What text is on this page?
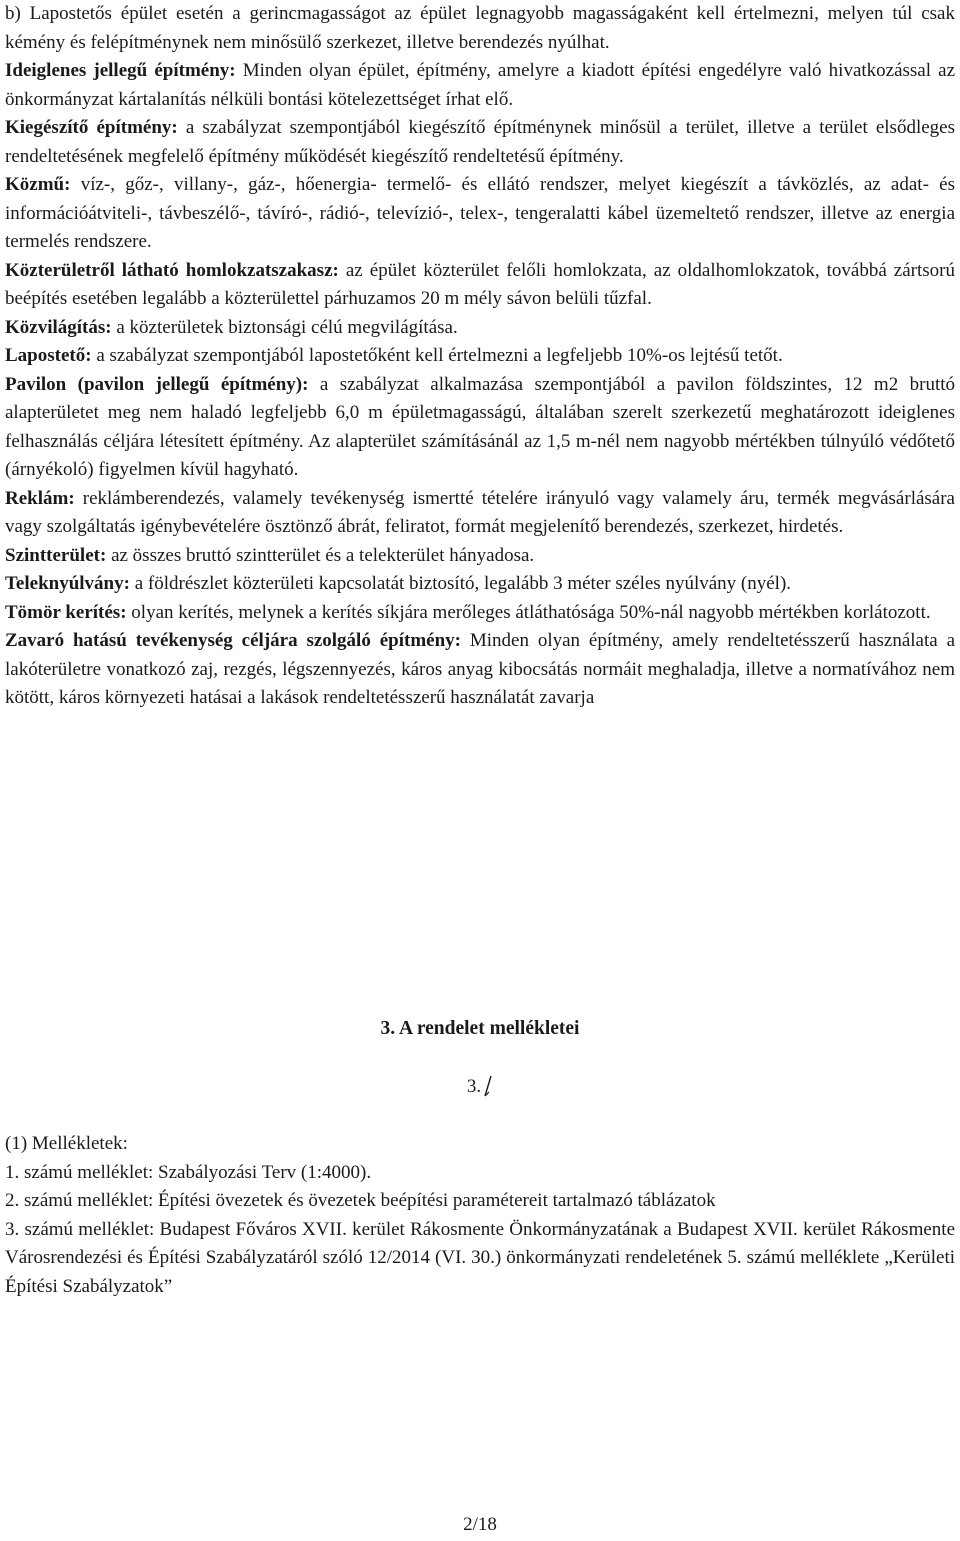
b) Lapostetős épület esetén a gerincmagasságot az épület legnagyobb magasságaként kell értelmezni, melyen túl csak kémény és felépítménynek nem minősülő szerkezet, illetve berendezés nyúlhat.

Ideiglenes jellegű építmény: Minden olyan épület, építmény, amelyre a kiadott építési engedélyre való hivatkozással az önkormányzat kártalanítás nélküli bontási kötelezettséget írhat elő.

Kiegészítő építmény: a szabályzat szempontjából kiegészítő építménynek minősül a terület, illetve a terület elsődleges rendeltetésének megfelelő építmény működését kiegészítő rendeltetésű építmény.

Közmű: víz-, gőz-, villany-, gáz-, hőenergia- termelő- és ellátó rendszer, melyet kiegészít a távközlés, az adat- és információátviteli-, távbeszélő-, távíró-, rádió-, televízió-, telex-, tengeralatti kábel üzemeltető rendszer, illetve az energia termelés rendszere.

Közterületről látható homlokzatszakasz: az épület közterület felőli homlokzata, az oldalhomlokzatok, továbbá zártsorú beépítés esetében legalább a közterülettel párhuzamos 20 m mély sávon belüli tűzfal.

Közvilágítás: a közterületek biztonsági célú megvilágítása.

Lapostető: a szabályzat szempontjából lapostetőként kell értelmezni a legfeljebb 10%-os lejtésű tetőt.

Pavilon (pavilon jellegű építmény): a szabályzat alkalmazása szempontjából a pavilon földszintes, 12 m2 bruttó alapterületet meg nem haladó legfeljebb 6,0 m épületmagasságú, általában szerelt szerkezetű meghatározott ideiglenes felhasználás céljára létesített építmény. Az alapterület számításánál az 1,5 m-nél nem nagyobb mértékben túlnyúló védőtető (árnyékoló) figyelmen kívül hagyható.

Reklám: reklámberendezés, valamely tevékenység ismertté tételére irányuló vagy valamely áru, termék megvásárlására vagy szolgáltatás igénybevételére ösztönző ábrát, feliratot, formát megjelenítő berendezés, szerkezet, hirdetés.

Szintterület: az összes bruttó szintterület és a telekterület hányadosa.

Teleknyúlvány: a földrészlet közterületi kapcsolatát biztosító, legalább 3 méter széles nyúlvány (nyél).

Tömör kerítés: olyan kerítés, melynek a kerítés síkjára merőleges átláthatósága 50%-nál nagyobb mértékben korlátozott.

Zavaró hatású tevékenység céljára szolgáló építmény: Minden olyan építmény, amely rendeltetésszerű használata a lakóterületre vonatkozó zaj, rezgés, légszennyezés, káros anyag kibocsátás normáit meghaladja, illetve a normatívához nem kötött, káros környezeti hatásai a lakások rendeltetésszerű használatát zavarja

3. A rendelet mellékletei
3.

(1) Mellékletek:

1. számú melléklet: Szabályozási Terv (1:4000).

2. számú melléklet: Építési övezetek és övezetek beépítési paramétereit tartalmazó táblázatok

3. számú melléklet: Budapest Főváros XVII. kerület Rákosmente Önkormányzatának a Budapest XVII. kerület Rákosmente Városrendezési és Építési Szabályzatáról szóló 12/2014 (VI. 30.) önkormányzati rendeletének 5. számú melléklete „Kerületi Építési Szabályzatok”

2/18
